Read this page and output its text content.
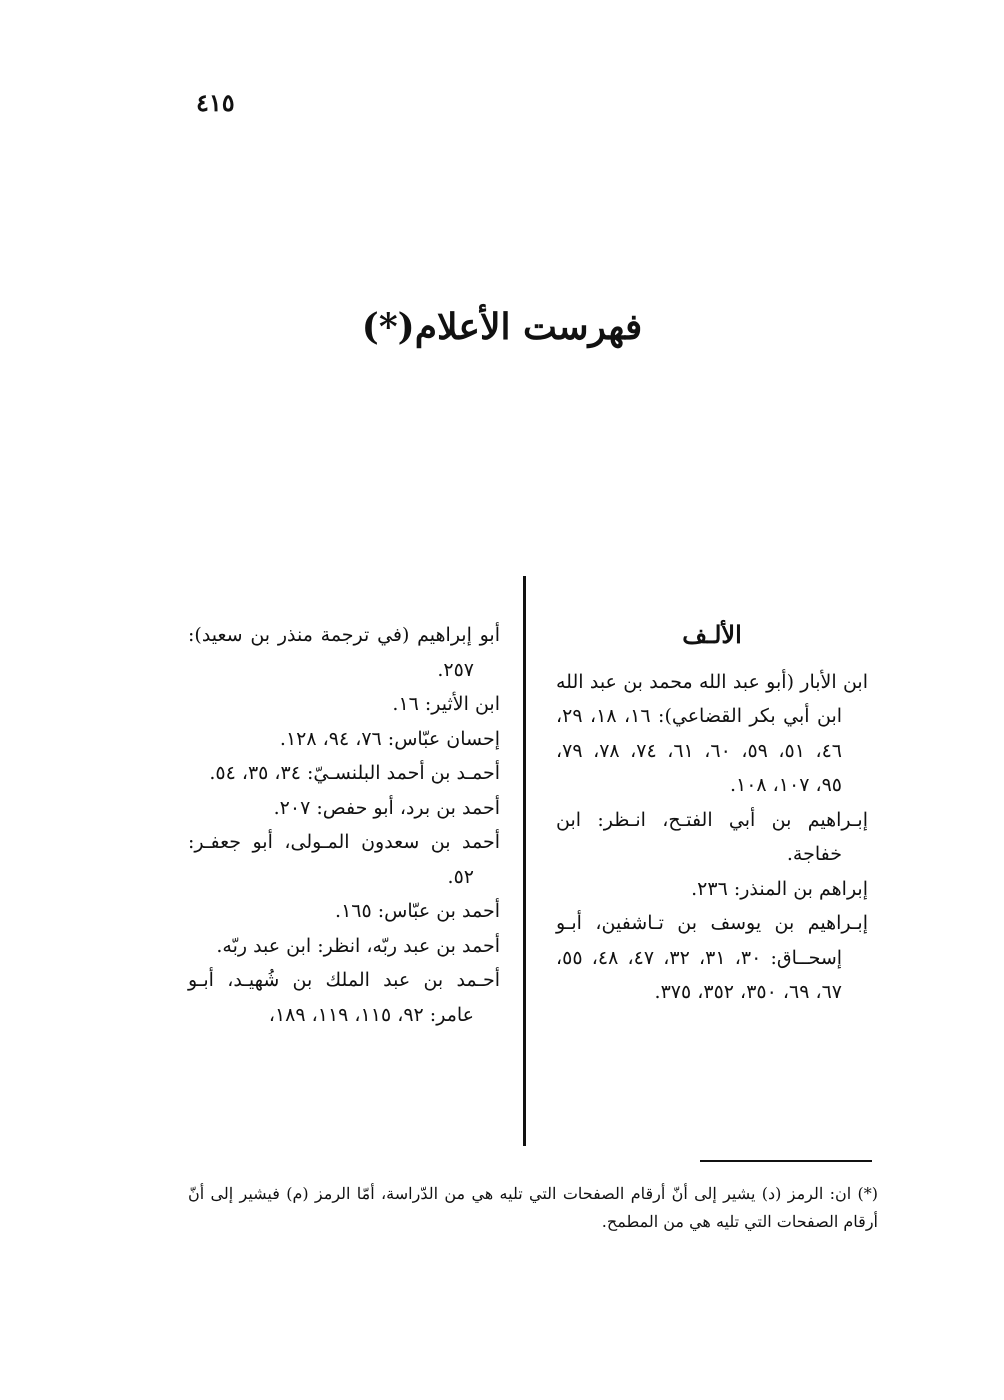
٤١٥
فهرست الأعلام(*)
الألـف

ابن الأبار (أبو عبد الله محمد بن عبد الله ابن أبي بكر القضاعي): ١٦، ١٨، ٢٩، ٤٦، ٥١، ٥٩، ٦٠، ٦١، ٧٤، ٧٨، ٧٩، ٩٥، ١٠٧، ١٠٨.

إبـراهيم بن أبي الفتـح، انـظر: ابن خفاجة.

إبراهم بن المنذر: ٢٣٦.

إبـراهيم بن يوسف بن تـاشفين، أبـو إسحــاق: ٣٠، ٣١، ٣٢، ٤٧، ٤٨، ٥٥، ٦٧، ٦٩، ٣٥٠، ٣٥٢، ٣٧٥.

أبو إبراهيم (في ترجمة منذر بن سعيد): ٢٥٧.

ابن الأثير: ١٦.

إحسان عبّاس: ٧٦، ٩٤، ١٢٨.

أحمـد بن أحمد البلنسـيّ: ٣٤، ٣٥، ٥٤.

أحمد بن برد، أبو حفص: ٢٠٧.

أحمد بن سعدون المـولى، أبو جعفـر: ٥٢.

أحمد بن عبّاس: ١٦٥.

أحمد بن عبد ربّه، انظر: ابن عبد ربّه.

أحـمد بن عبد الملك بن شُهيـد، أبـو عامر: ٩٢، ١١٥، ١١٩، ١٨٩،

(*) ان: الرمز (د) يشير إلى أنّ أرقام الصفحات التي تليه هي من الدّراسة، أمّا الرمز (م) فيشير إلى أنّ أرقام الصفحات التي تليه هي من المطمح.
